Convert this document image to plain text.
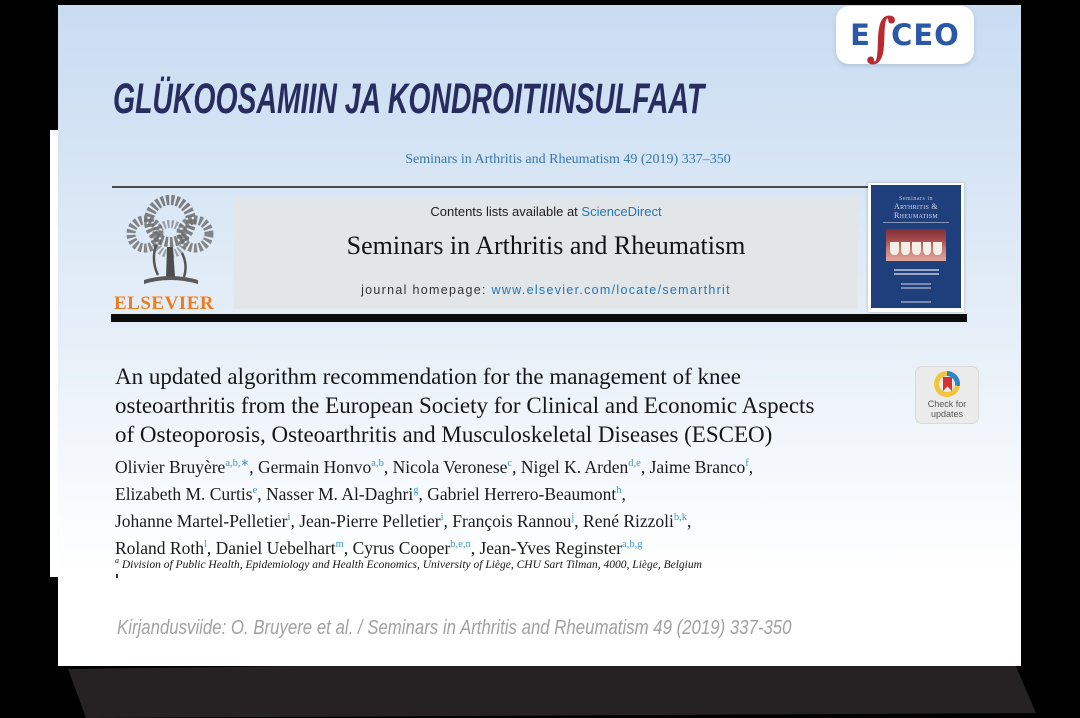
E
∫
CEO
GLÜKOOSAMIIN JA KONDROITIINSULFAAT
Seminars in Arthritis and Rheumatism 49 (2019) 337–350
ELSEVIER
Contents lists available at ScienceDirect
Seminars in Arthritis and Rheumatism
journal homepage: www.elsevier.com/locate/semarthrit
Seminars in
Arthritis & Rheumatism
An updated algorithm recommendation for the management of knee
osteoarthritis from the European Society for Clinical and Economic Aspects
of Osteoporosis, Osteoarthritis and Musculoskeletal Diseases (ESCEO)
Check for
updates
Olivier Bruyère$^{a,b,∗}$, Germain Honvo$^{a,b}$, Nicola Veronese$^c$, Nigel K. Arden$^{d,e}$, Jaime Branco$^f$,
Elizabeth M. Curtis$^e$, Nasser M. Al-Daghri$^g$, Gabriel Herrero-Beaumont$^h$,
Johanne Martel-Pelletier$^i$, Jean-Pierre Pelletier$^i$, François Rannou$^j$, René Rizzoli$^{b,k}$,
Roland Roth$^l$, Daniel Uebelhart$^m$, Cyrus Cooper$^{b,e,n}$, Jean-Yves Reginster$^{a,b,g}$
$^a$ Division of Public Health, Epidemiology and Health Economics, University of Liège, CHU Sart Tilman, 4000, Liège, Belgium
Kirjandusviide: O. Bruyere et al. / Seminars in Arthritis and Rheumatism 49 (2019) 337-350
